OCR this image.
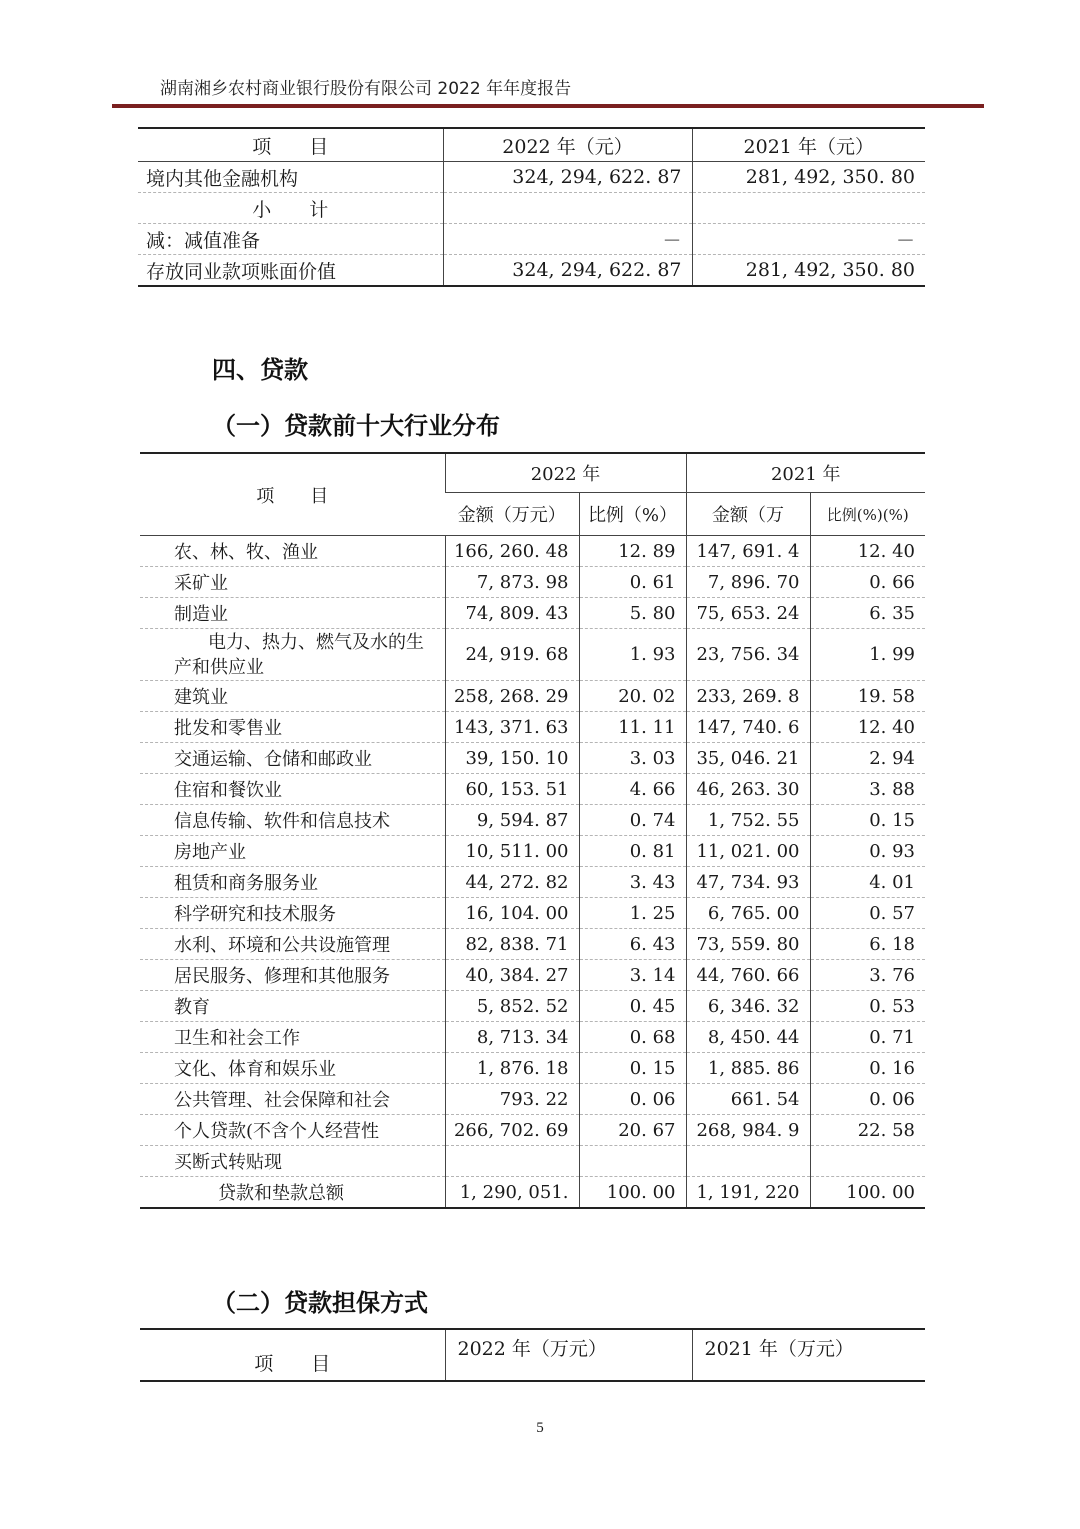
湖南湘乡农村商业银行股份有限公司 2022 年年度报告
项　　目	2022 年（元）	2021 年（元）
境内其他金融机构	324, 294, 622. 87	281, 492, 350. 80
小　　计		
减：减值准备	－	－
存放同业款项账面价值	324, 294, 622. 87	281, 492, 350. 80
四、贷款
（一）贷款前十大行业分布
项　　目	2022 年		2021 年	
	金额（万元）	比例（%）	金额（万	比例(%)(%)
农、林、牧、渔业	166, 260. 48	12. 89	147, 691. 4	12. 40
采矿业	7, 873. 98	0. 61	7, 896. 70	0. 66
制造业	74, 809. 43	5. 80	75, 653. 24	6. 35
电力、热力、燃气及水的生产和供应业	24, 919. 68	1. 93	23, 756. 34	1. 99
建筑业	258, 268. 29	20. 02	233, 269. 8	19. 58
批发和零售业	143, 371. 63	11. 11	147, 740. 6	12. 40
交通运输、仓储和邮政业	39, 150. 10	3. 03	35, 046. 21	2. 94
住宿和餐饮业	60, 153. 51	4. 66	46, 263. 30	3. 88
信息传输、软件和信息技术	9, 594. 87	0. 74	1, 752. 55	0. 15
房地产业	10, 511. 00	0. 81	11, 021. 00	0. 93
租赁和商务服务业	44, 272. 82	3. 43	47, 734. 93	4. 01
科学研究和技术服务	16, 104. 00	1. 25	6, 765. 00	0. 57
水利、环境和公共设施管理	82, 838. 71	6. 43	73, 559. 80	6. 18
居民服务、修理和其他服务	40, 384. 27	3. 14	44, 760. 66	3. 76
教育	5, 852. 52	0. 45	6, 346. 32	0. 53
卫生和社会工作	8, 713. 34	0. 68	8, 450. 44	0. 71
文化、体育和娱乐业	1, 876. 18	0. 15	1, 885. 86	0. 16
公共管理、社会保障和社会	793. 22	0. 06	661. 54	0. 06
个人贷款(不含个人经营性	266, 702. 69	20. 67	268, 984. 9	22. 58
买断式转贴现				
贷款和垫款总额	1, 290, 051.	100. 00	1, 191, 220	100. 00
（二）贷款担保方式
项　　目	2022 年（万元）	2021 年（万元）
5
